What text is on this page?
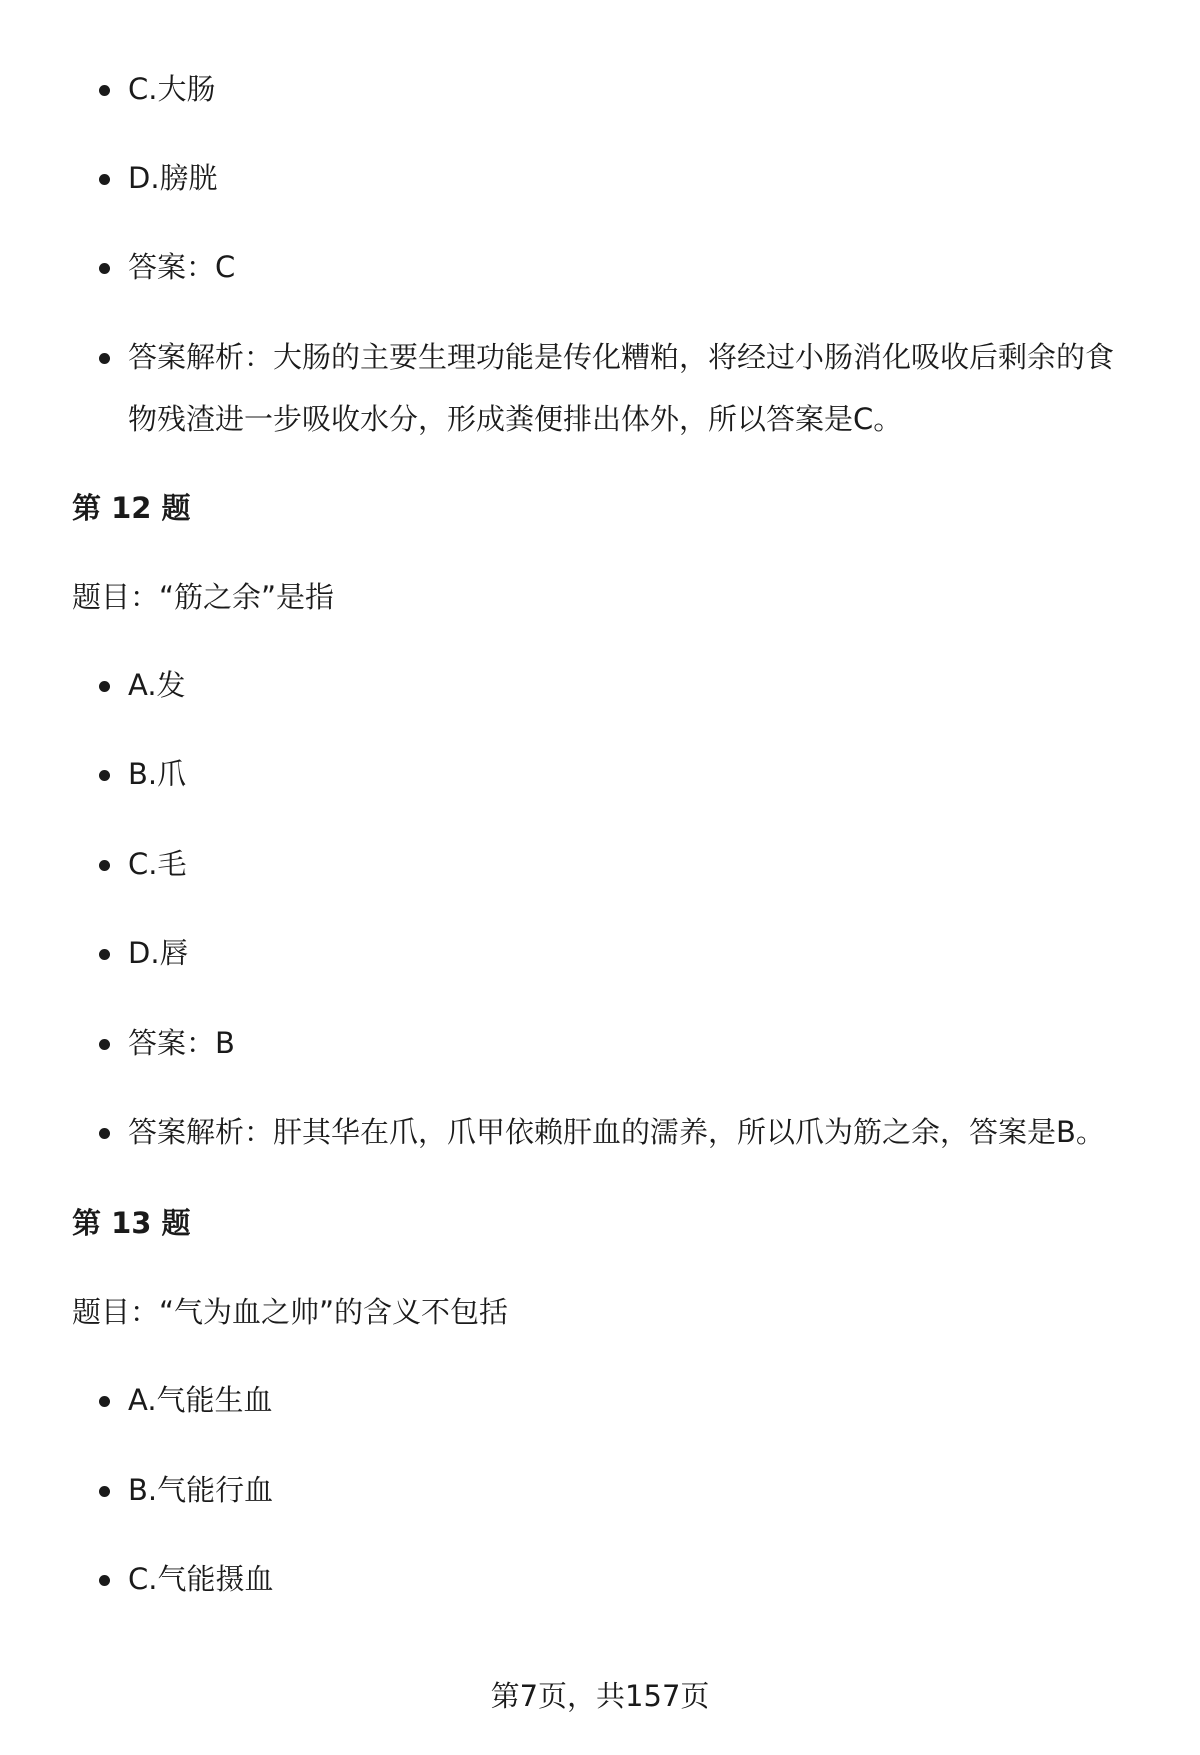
C.大肠
D.膀胱
答案：C
答案解析：大肠的主要生理功能是传化糟粕，将经过小肠消化吸收后剩余的食物残渣进一步吸收水分，形成粪便排出体外，所以答案是C。
第 12 题
题目：“筋之余”是指
A.发
B.爪
C.毛
D.唇
答案：B
答案解析：肝其华在爪，爪甲依赖肝血的濡养，所以爪为筋之余，答案是B。
第 13 题
题目：“气为血之帅”的含义不包括
A.气能生血
B.气能行血
C.气能摄血
第7页，共157页
